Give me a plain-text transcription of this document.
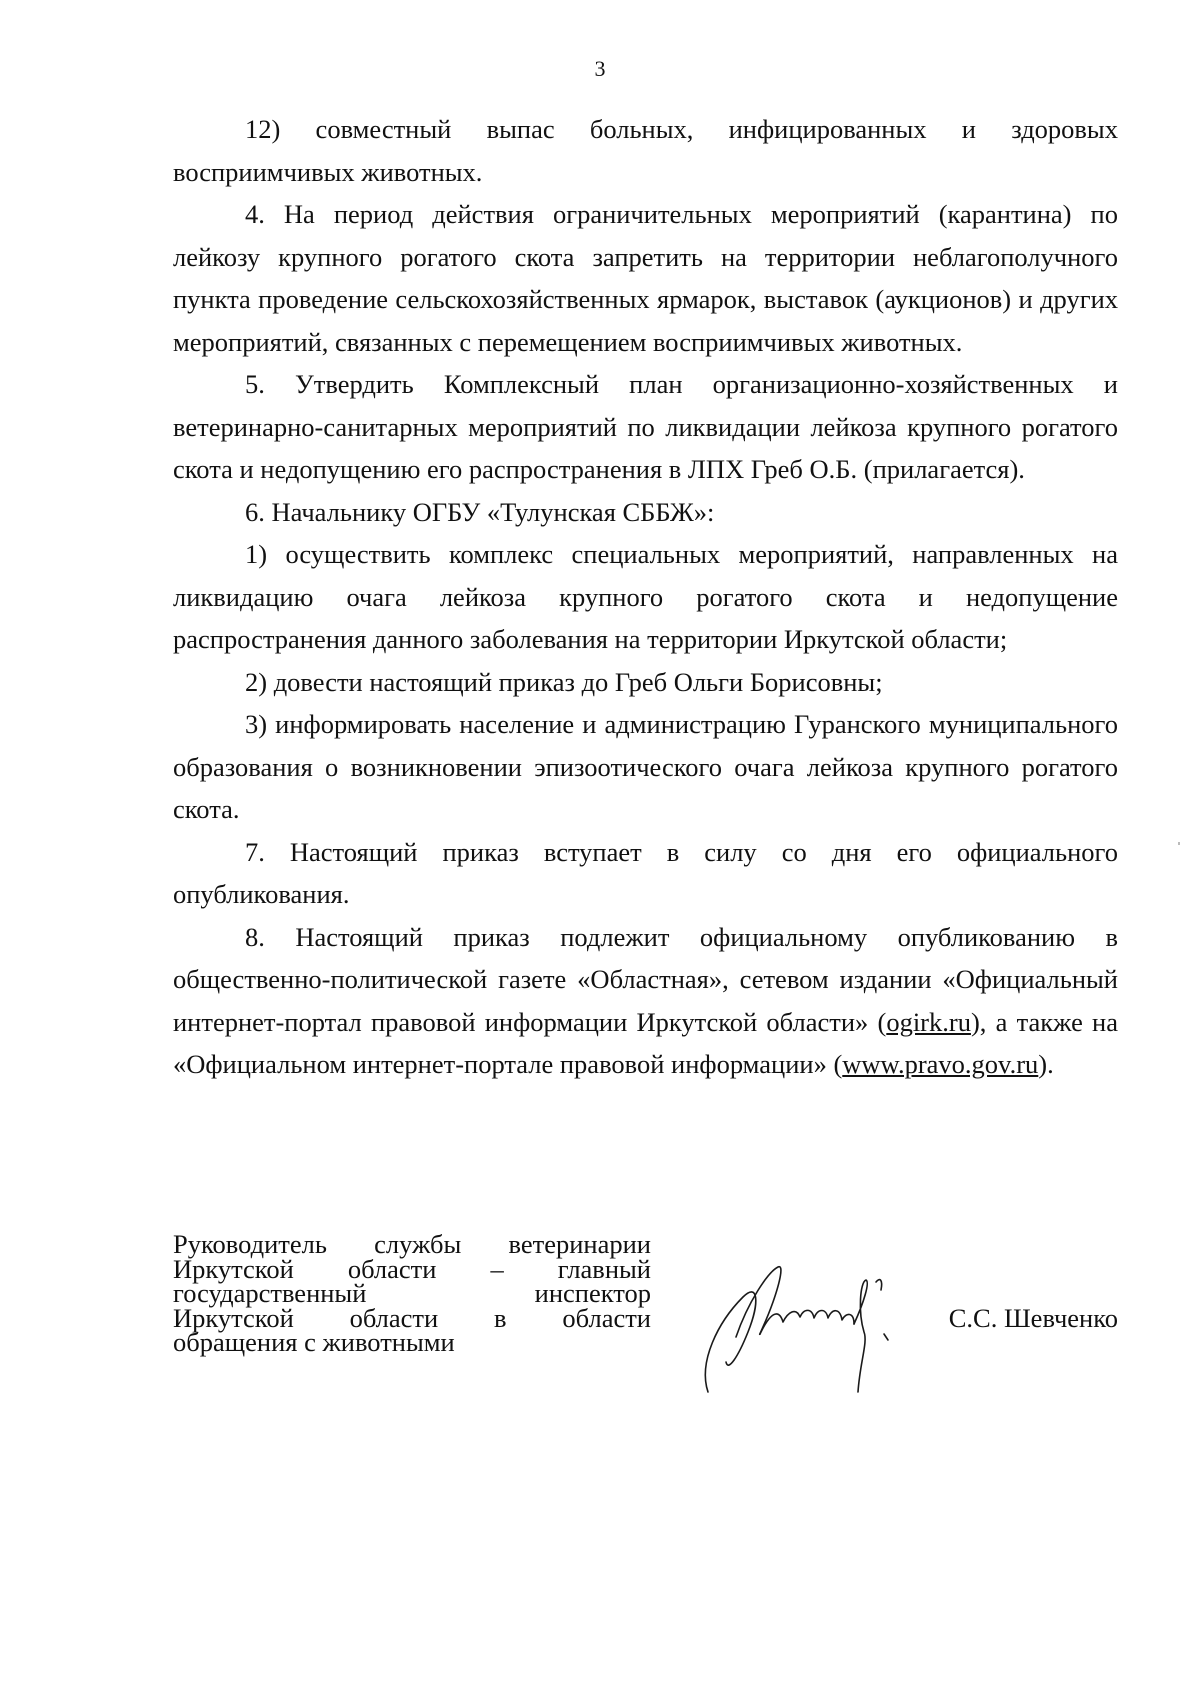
3

12) совместный выпас больных, инфицированных и здоровых восприимчивых животных.

4. На период действия ограничительных мероприятий (карантина) по лейкозу крупного рогатого скота запретить на территории неблагополучного пункта проведение сельскохозяйственных ярмарок, выставок (аукционов) и других мероприятий, связанных с перемещением восприимчивых животных.

5. Утвердить Комплексный план организационно-хозяйственных и ветеринарно-санитарных мероприятий по ликвидации лейкоза крупного рогатого скота и недопущению его распространения в ЛПХ Греб О.Б. (прилагается).

6. Начальнику ОГБУ «Тулунская СББЖ»:

1) осуществить комплекс специальных мероприятий, направленных на ликвидацию очага лейкоза крупного рогатого скота и недопущение распространения данного заболевания на территории Иркутской области;

2) довести настоящий приказ до Греб Ольги Борисовны;

3) информировать население и администрацию Гуранского муниципального образования о возникновении эпизоотического очага лейкоза крупного рогатого скота.

7. Настоящий приказ вступает в силу со дня его официального опубликования.

8. Настоящий приказ подлежит официальному опубликованию в общественно-политической газете «Областная», сетевом издании «Официальный интернет-портал правовой информации Иркутской области» (ogirk.ru), а также на «Официальном интернет-портале правовой информации» (www.pravo.gov.ru).

Руководитель службы ветеринарии
Иркутской области – главный
государственный инспектор
Иркутской области в области
обращения с животными
С.С. Шевченко
